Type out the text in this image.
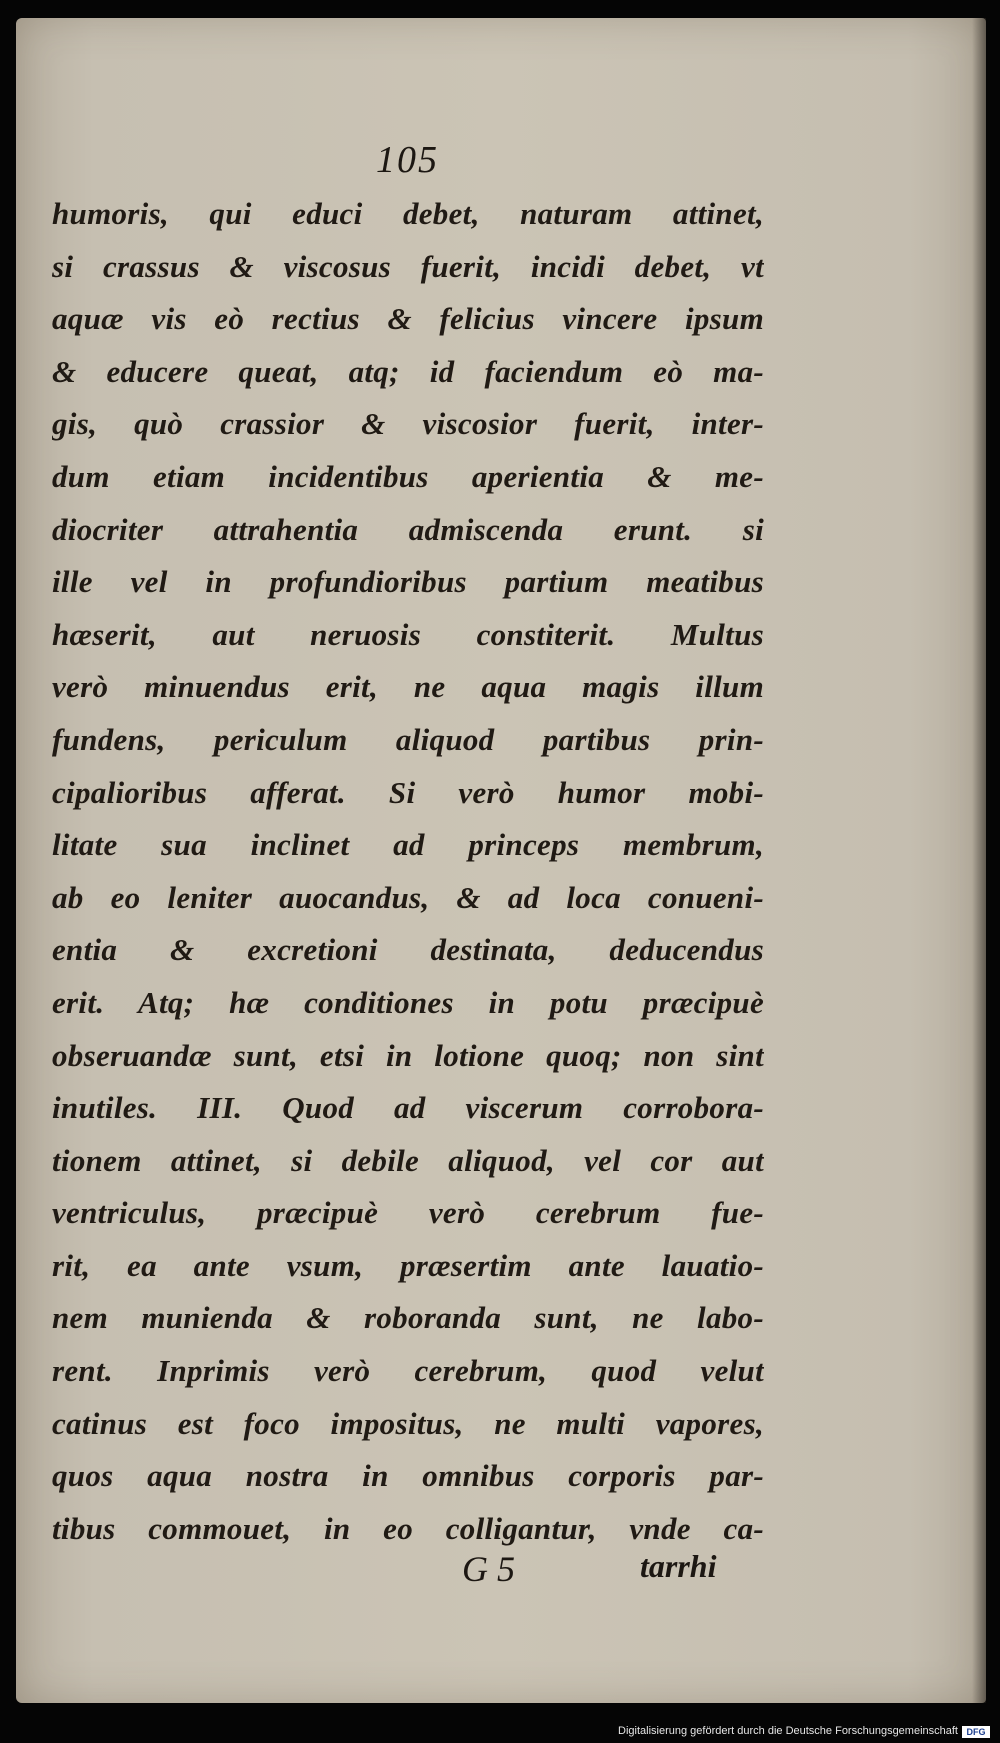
105
humoris, qui educi debet, naturam attinet,
si crassus & viscosus fuerit, incidi debet, vt
aquæ vis eò rectius & felicius vincere ipsum
& educere queat, atq; id faciendum eò ma-
gis, quò crassior & viscosior fuerit, inter-
dum etiam incidentibus aperientia & me-
diocriter attrahentia admiscenda erunt. si
ille vel in profundioribus partium meatibus
hæserit, aut neruosis constiterit. Multus
verò minuendus erit, ne aqua magis illum
fundens, periculum aliquod partibus prin-
cipalioribus afferat. Si verò humor mobi-
litate sua inclinet ad princeps membrum,
ab eo leniter auocandus, & ad loca conueni-
entia & excretioni destinata, deducendus
erit. Atq; hæ conditiones in potu præcipuè
obseruandæ sunt, etsi in lotione quoq; non sint
inutiles. III. Quod ad viscerum corrobora-
tionem attinet, si debile aliquod, vel cor aut
ventriculus, præcipuè verò cerebrum fue-
rit, ea ante vsum, præsertim ante lauatio-
nem munienda & roboranda sunt, ne labo-
rent. Inprimis verò cerebrum, quod velut
catinus est foco impositus, ne multi vapores,
quos aqua nostra in omnibus corporis par-
tibus commouet, in eo colligantur, vnde ca-
G 5	tarrhi
Digitalisierung gefördert durch die Deutsche Forschungsgemeinschaft DFG
